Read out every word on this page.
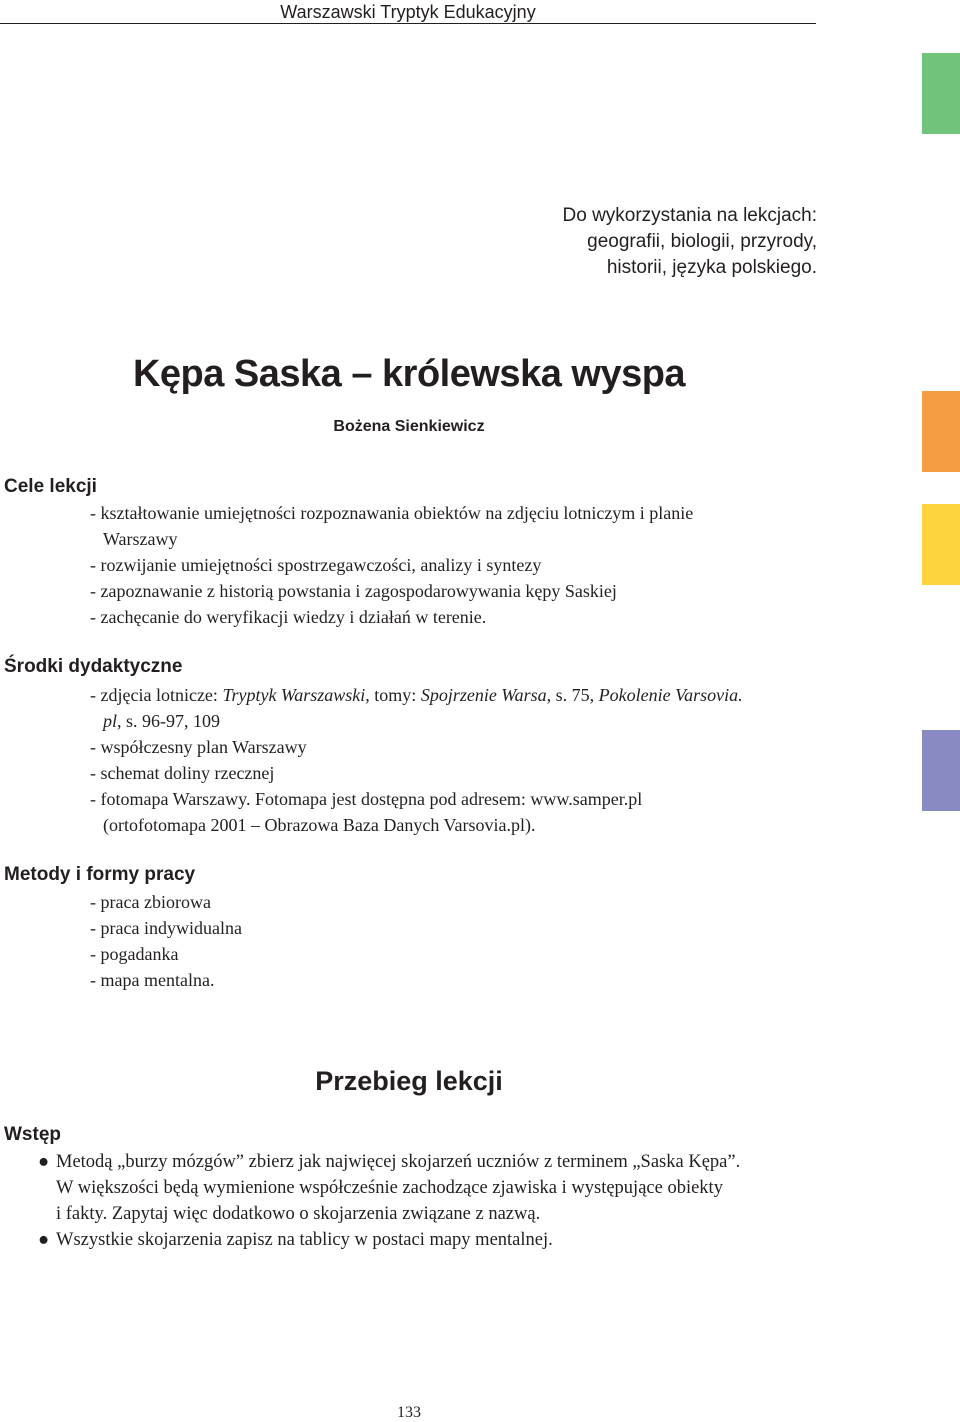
Warszawski Tryptyk Edukacyjny
Do wykorzystania na lekcjach:
geografii, biologii, przyrody,
historii, języka polskiego.
Kępa Saska – królewska wyspa
Bożena Sienkiewicz
Cele lekcji
- kształtowanie umiejętności rozpoznawania obiektów na zdjęciu lotniczym i planie
Warszawy
- rozwijanie umiejętności spostrzegawczości, analizy i syntezy
- zapoznawanie z historią powstania i zagospodarowywania kępy Saskiej
- zachęcanie do weryfikacji wiedzy i działań w terenie.
Środki dydaktyczne
- zdjęcia lotnicze: Tryptyk Warszawski, tomy: Spojrzenie Warsa, s. 75, Pokolenie Varsovia.
pl, s. 96-97, 109
- współczesny plan Warszawy
- schemat doliny rzecznej
- fotomapa Warszawy. Fotomapa jest dostępna pod adresem: www.samper.pl
(ortofotomapa 2001 – Obrazowa Baza Danych Varsovia.pl).
Metody i formy pracy
- praca zbiorowa
- praca indywidualna
- pogadanka
- mapa mentalna.
Przebieg lekcji
Wstęp
● Metodą „burzy mózgów” zbierz jak najwięcej skojarzeń uczniów z terminem „Saska Kępa”.
W większości będą wymienione współcześnie zachodzące zjawiska i występujące obiekty
i fakty. Zapytaj więc dodatkowo o skojarzenia związane z nazwą.
● Wszystkie skojarzenia zapisz na tablicy w postaci mapy mentalnej.
133
